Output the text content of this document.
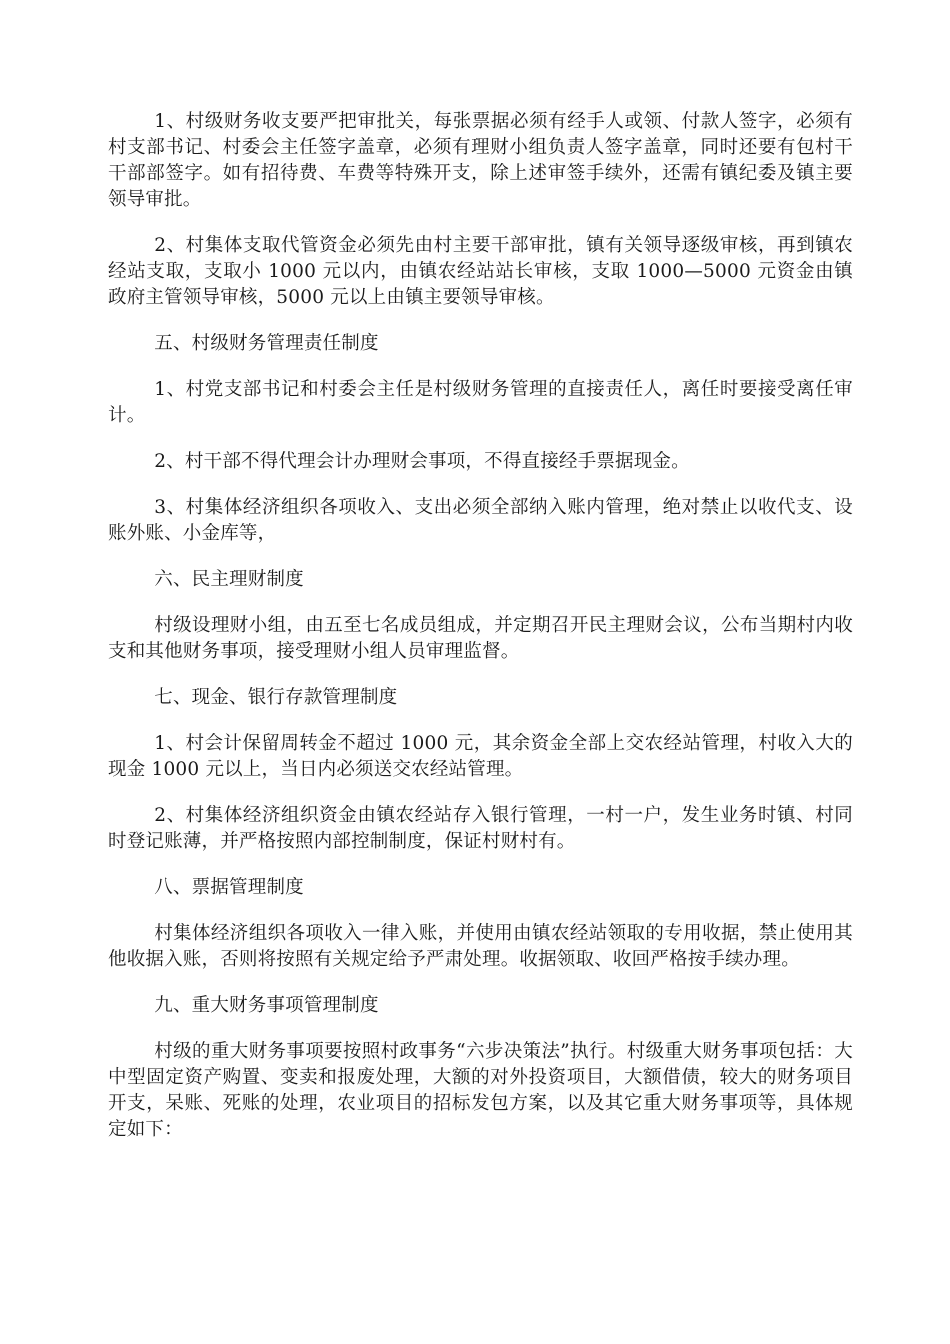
1、村级财务收支要严把审批关，每张票据必须有经手人或领、付款人签字，必须有村支部书记、村委会主任签字盖章，必须有理财小组负责人签字盖章，同时还要有包村干干部部签字。如有招待费、车费等特殊开支，除上述审签手续外，还需有镇纪委及镇主要领导审批。

2、村集体支取代管资金必须先由村主要干部审批，镇有关领导逐级审核，再到镇农经站支取，支取小 1000 元以内，由镇农经站站长审核，支取 1000—5000 元资金由镇政府主管领导审核，5000 元以上由镇主要领导审核。

五、村级财务管理责任制度

1、村党支部书记和村委会主任是村级财务管理的直接责任人，离任时要接受离任审计。

2、村干部不得代理会计办理财会事项，不得直接经手票据现金。

3、村集体经济组织各项收入、支出必须全部纳入账内管理，绝对禁止以收代支、设账外账、小金库等，

六、民主理财制度

村级设理财小组，由五至七名成员组成，并定期召开民主理财会议，公布当期村内收支和其他财务事项，接受理财小组人员审理监督。

七、现金、银行存款管理制度

1、村会计保留周转金不超过 1000 元，其余资金全部上交农经站管理，村收入大的现金 1000 元以上，当日内必须送交农经站管理。

2、村集体经济组织资金由镇农经站存入银行管理，一村一户，发生业务时镇、村同时登记账薄，并严格按照内部控制制度，保证村财村有。

八、票据管理制度

村集体经济组织各项收入一律入账，并使用由镇农经站领取的专用收据，禁止使用其他收据入账，否则将按照有关规定给予严肃处理。收据领取、收回严格按手续办理。

九、重大财务事项管理制度

村级的重大财务事项要按照村政事务“六步决策法”执行。村级重大财务事项包括：大中型固定资产购置、变卖和报废处理，大额的对外投资项目，大额借债，较大的财务项目开支，呆账、死账的处理，农业项目的招标发包方案，以及其它重大财务事项等，具体规定如下：
